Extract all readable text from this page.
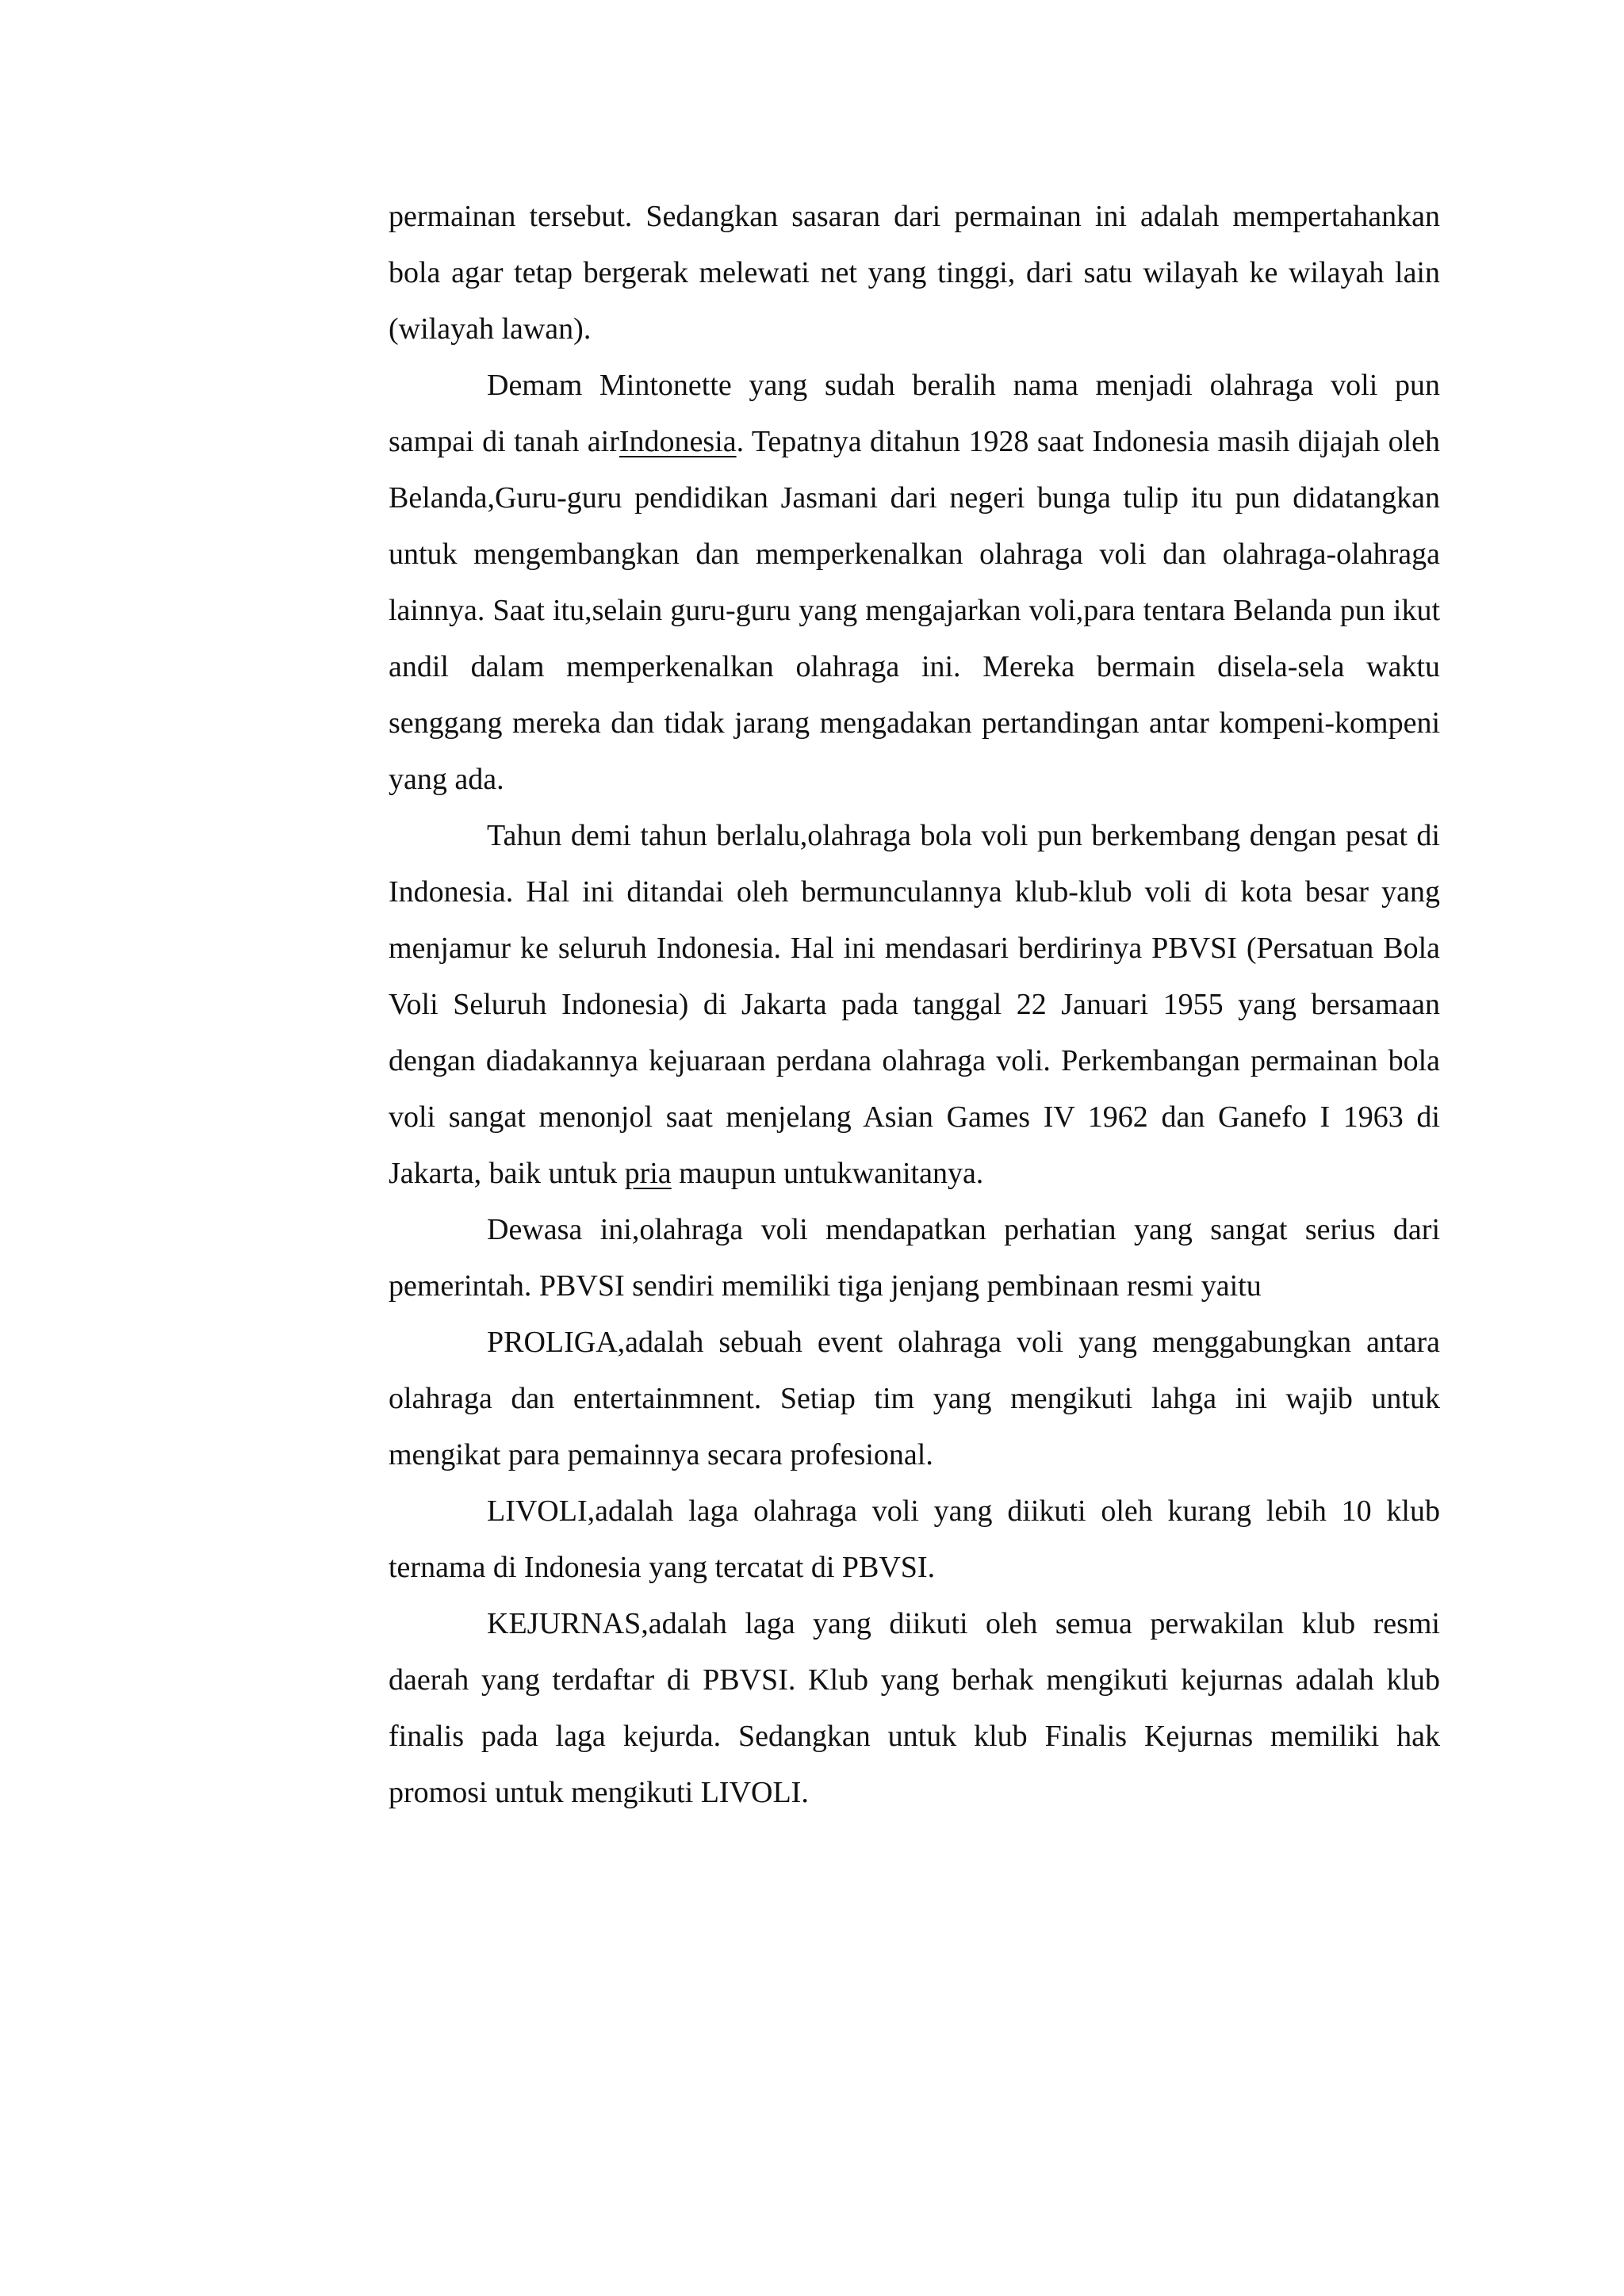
permainan tersebut. Sedangkan sasaran dari permainan ini adalah mempertahankan bola agar tetap bergerak melewati net yang tinggi, dari satu wilayah ke wilayah lain (wilayah lawan).

Demam Mintonette yang sudah beralih nama menjadi olahraga voli pun sampai di tanah airIndonesia. Tepatnya ditahun 1928 saat Indonesia masih dijajah oleh Belanda,Guru-guru pendidikan Jasmani dari negeri bunga tulip itu pun didatangkan untuk mengembangkan dan memperkenalkan olahraga voli dan olahraga-olahraga lainnya. Saat itu,selain guru-guru yang mengajarkan voli,para tentara Belanda pun ikut andil dalam memperkenalkan olahraga ini. Mereka bermain disela-sela waktu senggang mereka dan tidak jarang mengadakan pertandingan antar kompeni-kompeni yang ada.

Tahun demi tahun berlalu,olahraga bola voli pun berkembang dengan pesat di Indonesia. Hal ini ditandai oleh bermunculannya klub-klub voli di kota besar yang menjamur ke seluruh Indonesia. Hal ini mendasari berdirinya PBVSI (Persatuan Bola Voli Seluruh Indonesia) di Jakarta pada tanggal 22 Januari 1955 yang bersamaan dengan diadakannya kejuaraan perdana olahraga voli. Perkembangan permainan bola voli sangat menonjol saat menjelang Asian Games IV 1962 dan Ganefo I 1963 di Jakarta, baik untuk pria maupun untukwanitanya.

Dewasa ini,olahraga voli mendapatkan perhatian yang sangat serius dari pemerintah. PBVSI sendiri memiliki tiga jenjang pembinaan resmi yaitu

PROLIGA,adalah sebuah event olahraga voli yang menggabungkan antara olahraga dan entertainmnent. Setiap tim yang mengikuti lahga ini wajib untuk mengikat para pemainnya secara profesional.

LIVOLI,adalah laga olahraga voli yang diikuti oleh kurang lebih 10 klub ternama di Indonesia yang tercatat di PBVSI.

KEJURNAS,adalah laga yang diikuti oleh semua perwakilan klub resmi daerah yang terdaftar di PBVSI. Klub yang berhak mengikuti kejurnas adalah klub finalis pada laga kejurda. Sedangkan untuk klub Finalis Kejurnas memiliki hak promosi untuk mengikuti LIVOLI.
